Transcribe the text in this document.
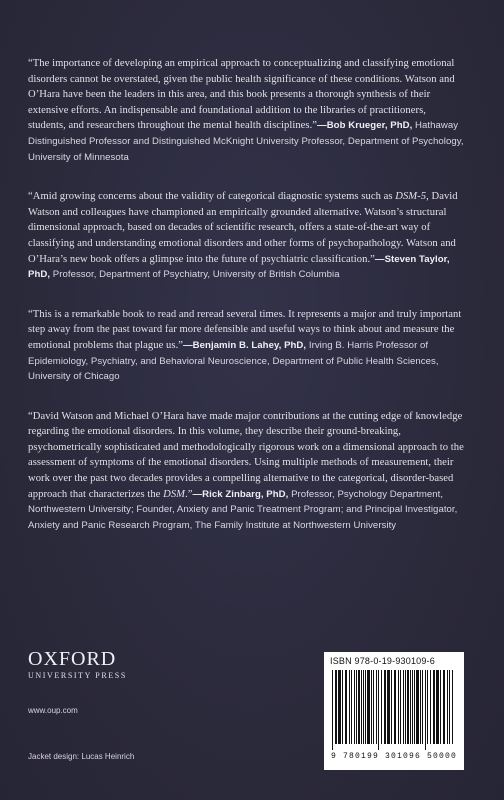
“The importance of developing an empirical approach to conceptualizing and classifying emotional disorders cannot be overstated, given the public health significance of these conditions. Watson and O’Hara have been the leaders in this area, and this book presents a thorough synthesis of their extensive efforts. An indispensable and foundational addition to the libraries of practitioners, students, and researchers throughout the mental health disciplines.”—Bob Krueger, PhD, Hathaway Distinguished Professor and Distinguished McKnight University Professor, Department of Psychology, University of Minnesota

“Amid growing concerns about the validity of categorical diagnostic systems such as DSM-5, David Watson and colleagues have championed an empirically grounded alternative. Watson’s structural dimensional approach, based on decades of scientific research, offers a state-of-the-art way of classifying and understanding emotional disorders and other forms of psychopathology. Watson and O’Hara’s new book offers a glimpse into the future of psychiatric classification.”—Steven Taylor, PhD, Professor, Department of Psychiatry, University of British Columbia

“This is a remarkable book to read and reread several times. It represents a major and truly important step away from the past toward far more defensible and useful ways to think about and measure the emotional problems that plague us.”—Benjamin B. Lahey, PhD, Irving B. Harris Professor of Epidemiology, Psychiatry, and Behavioral Neuroscience, Department of Public Health Sciences, University of Chicago

“David Watson and Michael O’Hara have made major contributions at the cutting edge of knowledge regarding the emotional disorders. In this volume, they describe their ground-breaking, psychometrically sophisticated and methodologically rigorous work on a dimensional approach to the assessment of symptoms of the emotional disorders. Using multiple methods of measurement, their work over the past two decades provides a compelling alternative to the categorical, disorder-based approach that characterizes the DSM.”—Rick Zinbarg, PhD, Professor, Psychology Department, Northwestern University; Founder, Anxiety and Panic Treatment Program; and Principal Investigator, Anxiety and Panic Research Program, The Family Institute at Northwestern University

OXFORD
UNIVERSITY PRESS
www.oup.com
Jacket design: Lucas Heinrich
ISBN 978-0-19-930109-6
9 780199 301096 50000
